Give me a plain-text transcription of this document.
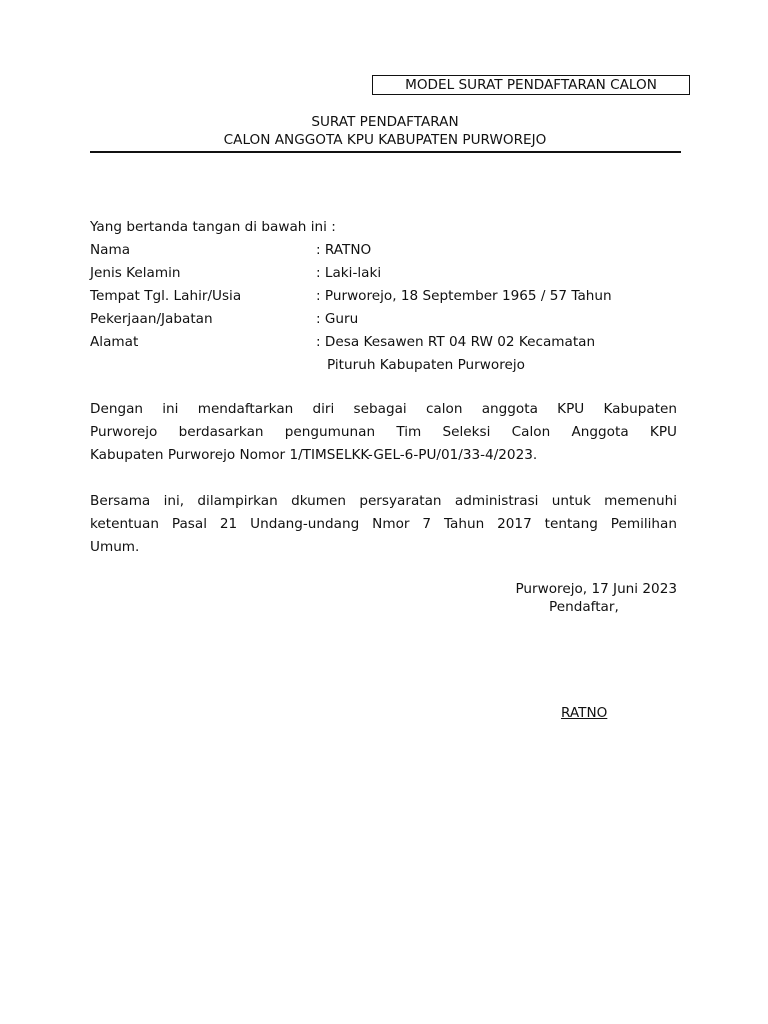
MODEL SURAT PENDAFTARAN CALON
SURAT PENDAFTARAN
CALON ANGGOTA KPU KABUPATEN PURWOREJO
Yang bertanda tangan di bawah ini :
Nama	: RATNO
Jenis Kelamin	: Laki-laki
Tempat Tgl. Lahir/Usia	: Purworejo, 18 September 1965 / 57 Tahun
Pekerjaan/Jabatan	: Guru
Alamat	: Desa Kesawen RT 04 RW 02 Kecamatan
Pituruh Kabupaten Purworejo
Dengan ini mendaftarkan diri sebagai calon anggota KPU Kabupaten
Purworejo berdasarkan pengumunan Tim Seleksi Calon Anggota KPU
Kabupaten Purworejo Nomor 1/TIMSELKK-GEL-6-PU/01/33-4/2023.
Bersama ini, dilampirkan dkumen persyaratan administrasi untuk memenuhi
ketentuan Pasal 21 Undang-undang Nmor 7 Tahun 2017 tentang Pemilihan
Umum.
Purworejo, 17 Juni 2023
Pendaftar,
RATNO
